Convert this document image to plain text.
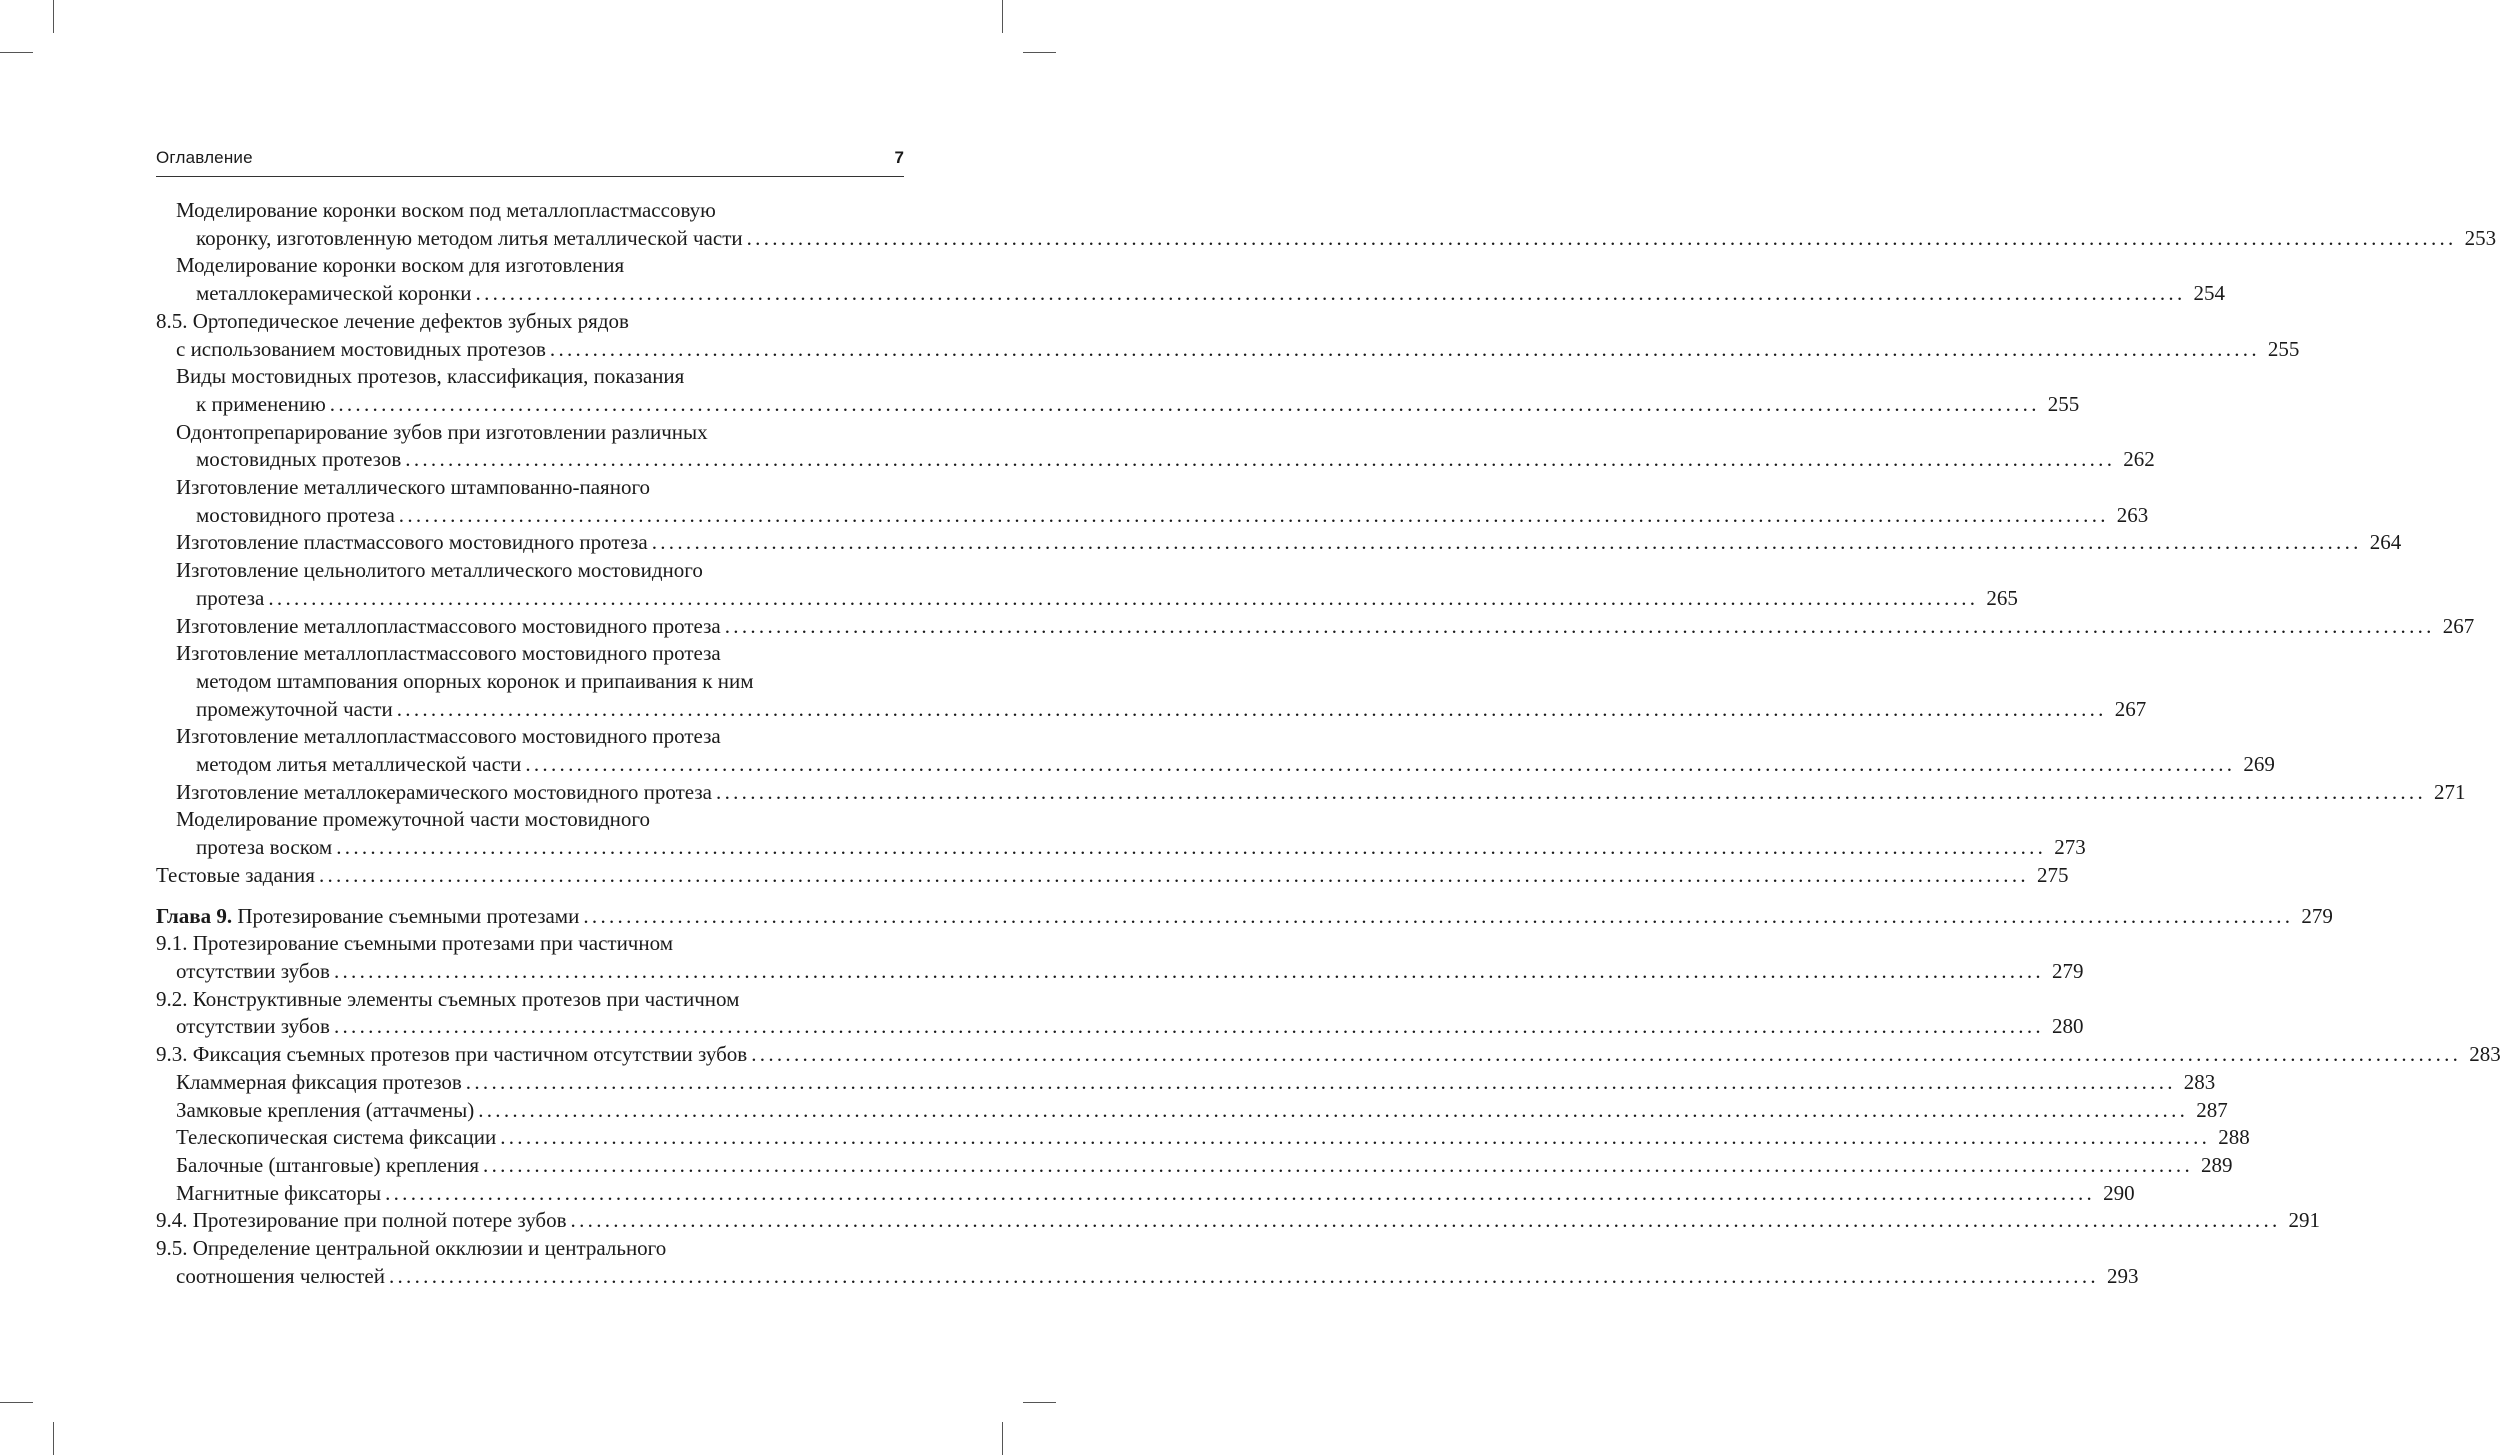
Оглавление	7
Моделирование коронки воском под металлопластмассовую
коронку, изготовленную методом литья металлической части ........................................................................................................................................................................................................ 253
Моделирование коронки воском для изготовления
металлокерамической коронки ........................................................................................................................................................................................................ 254
8.5. Ортопедическое лечение дефектов зубных рядов
с использованием мостовидных протезов ........................................................................................................................................................................................................ 255
Виды мостовидных протезов, классификация, показания
к применению ........................................................................................................................................................................................................ 255
Одонтопрепарирование зубов при изготовлении различных
мостовидных протезов ........................................................................................................................................................................................................ 262
Изготовление металлического штампованно-паяного
мостовидного протеза ........................................................................................................................................................................................................ 263
Изготовление пластмассового мостовидного протеза ........................................................................................................................................................................................................ 264
Изготовление цельнолитого металлического мостовидного
протеза ........................................................................................................................................................................................................ 265
Изготовление металлопластмассового мостовидного протеза ........................................................................................................................................................................................................ 267
Изготовление металлопластмассового мостовидного протеза
методом штампования опорных коронок и припаивания к ним
промежуточной части ........................................................................................................................................................................................................ 267
Изготовление металлопластмассового мостовидного протеза
методом литья металлической части ........................................................................................................................................................................................................ 269
Изготовление металлокерамического мостовидного протеза ........................................................................................................................................................................................................ 271
Моделирование промежуточной части мостовидного
протеза воском ........................................................................................................................................................................................................ 273
Тестовые задания ........................................................................................................................................................................................................ 275
Глава 9. Протезирование съемными протезами ........................................................................................................................................................................................................ 279
9.1. Протезирование съемными протезами при частичном
отсутствии зубов ........................................................................................................................................................................................................ 279
9.2. Конструктивные элементы съемных протезов при частичном
отсутствии зубов ........................................................................................................................................................................................................ 280
9.3. Фиксация съемных протезов при частичном отсутствии зубов ........................................................................................................................................................................................................ 283
Кламмерная фиксация протезов ........................................................................................................................................................................................................ 283
Замковые крепления (аттачмены) ........................................................................................................................................................................................................ 287
Телескопическая система фиксации ........................................................................................................................................................................................................ 288
Балочные (штанговые) крепления ........................................................................................................................................................................................................ 289
Магнитные фиксаторы ........................................................................................................................................................................................................ 290
9.4. Протезирование при полной потере зубов ........................................................................................................................................................................................................ 291
9.5. Определение центральной окклюзии и центрального
соотношения челюстей ........................................................................................................................................................................................................ 293
